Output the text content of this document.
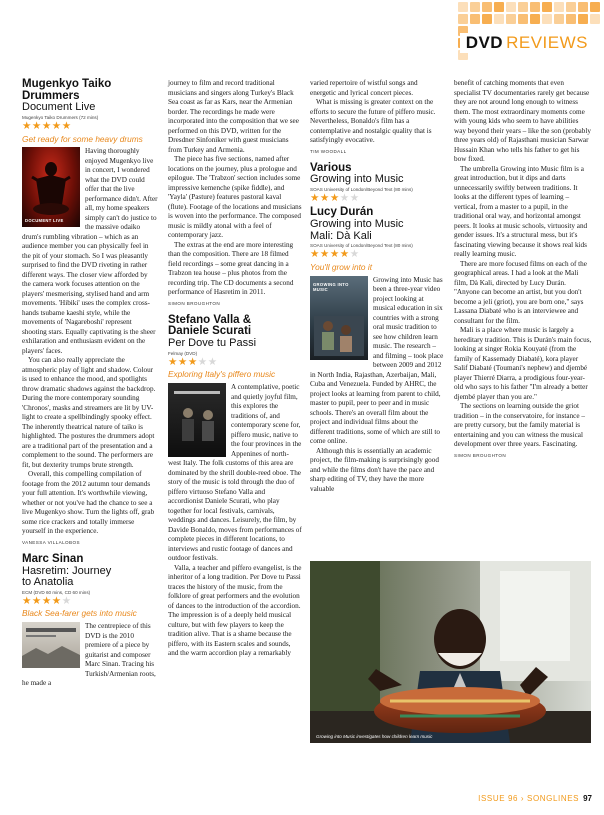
DVD REVIEWS
Mugenkyo Taiko
Drummers
Document Live
Mugenkyo Taiko Drummers (72 mins)
★★★★★
Get ready for some heavy drums
DOCUMENT LIVE

Having thoroughly enjoyed Mugenkyo live in concert, I wondered what the DVD could offer that the live performance didn't. After all, my home speakers simply can't do justice to the massive odaiko drum's rumbling vibration – which as an audience member you can physically feel in the pit of your stomach. So I was pleasantly surprised to find the DVD riveting in rather different ways. The closer view afforded by the camera work focuses attention on the players' mesmerising, stylised hand and arm movements. 'Hibiki' uses the complex cross-hands tsubame kaeshi style, while the movements of 'Nagareboshi' represent shooting stars. Equally captivating is the sheer exhilaration and enthusiasm evident on the players' faces.

You can also really appreciate the atmospheric play of light and shadow. Colour is used to enhance the mood, and spotlights throw dramatic shadows against the backdrop. During the more contemporary sounding 'Chronos', masks and streamers are lit by UV-light to create a spellbindingly spooky effect. The inherently theatrical nature of taiko is highlighted. The postures the drummers adopt are a traditional part of the presentation and a complement to the sound. The performers are fit, but dexterity trumps brute strength.

Overall, this compelling compilation of footage from the 2012 autumn tour demands your full attention. It's worthwhile viewing, whether or not you've had the chance to see a live Mugenkyo show. Turn the lights off, grab some rice crackers and totally immerse yourself in the experience.

VANESSA VILLALOBOS
Marc Sinan
Hasretim: Journey
to Anatolia
ECM (DVD 60 mins, CD 60 mins)
★★★★★
Black Sea-farer gets into music

The centrepiece of this DVD is the 2010 premiere of a piece by guitarist and composer Marc Sinan. Tracing his Turkish/Armenian roots, he made a

journey to film and record traditional musicians and singers along Turkey's Black Sea coast as far as Kars, near the Armenian border. The recordings he made were incorporated into the composition that we see performed on this DVD, written for the Dresdner Sinfoniker with guest musicians from Turkey and Armenia.

The piece has five sections, named after locations on the journey, plus a prologue and epilogue. The 'Trabzon' section includes some impressive kemenche (spike fiddle), and 'Yayla' (Pasture) features pastoral kaval (flute). Footage of the locations and musicians is woven into the performance. The composed music is mildly atonal with a feel of contemporary jazz.

The extras at the end are more interesting than the composition. There are 18 filmed field recordings – some great dancing in a Trabzon tea house – plus photos from the recording trip. The CD documents a second performance of Hasretim in 2011.

SIMON BROUGHTON
Stefano Valla &
Daniele Scurati
Per Dove tu Passi
Felmay (DVD)
★★★★★
Exploring Italy's piffero music

A contemplative, poetic and quietly joyful film, this explores the traditions of, and contemporary scene for, piffero music, native to the four provinces in the Appenines of north-west Italy. The folk customs of this area are dominated by the shrill double-reed oboe. The story of the music is told through the duo of piffero virtuoso Stefano Valla and accordionist Daniele Scurati, who play together for local festivals, carnivals, weddings and dances. Leisurely, the film, by Davide Bonaldo, moves from performances of complete pieces in different locations, to interviews and rustic footage of dances and outdoor festivals.

Valla, a teacher and piffero evangelist, is the inheritor of a long tradition. Per Dove tu Passi traces the history of the music, from the folklore of great performers and the evolution of dances to the introduction of the accordion. The impression is of a deeply held musical culture, but with few players to keep the tradition alive. That is a shame because the piffero, with its Eastern scales and sounds, and the warm accordion play a remarkably

varied repertoire of wistful songs and energetic and lyrical concert pieces.

What is missing is greater context on the efforts to secure the future of piffero music. Nevertheless, Bonaldo's film has a contemplative and nostalgic quality that is satisfyingly evocative.

TIM WOODALL
Various
Growing into Music
SOAS University of London/Beyond Text (80 mins)
★★★★★
Lucy Durán
Growing into Music
Mali: Dà Kali
SOAS University of London/Beyond Text (80 mins)
★★★★★
You'll grow into it
GROWING INTO MUSIC

Growing into Music has been a three-year video project looking at musical education in six countries with a strong oral music tradition to see how children learn music. The research – and filming – took place between 2009 and 2012 in North India, Rajasthan, Azerbaijan, Mali, Cuba and Venezuela. Funded by AHRC, the project looks at learning from parent to child, master to pupil, peer to peer and in music schools. There's an overall film about the project and individual films about the different traditions, some of which are still to come online.

Although this is essentially an academic project, the film-making is surprisingly good and while the films don't have the pace and sharp editing of TV, they have the more valuable

benefit of catching moments that even specialist TV documentaries rarely get because they are not around long enough to witness them. The most extraordinary moments come with young kids who seem to have abilities way beyond their years – like the son (probably three years old) of Rajasthani musician Sarwar Hussain Khan who tells his father to get his bow fixed.

The umbrella Growing into Music film is a great introduction, but it dips and darts unnecessarily swiftly between traditions. It looks at the different types of learning – vertical, from a master to a pupil, in the traditional oral way, and horizontal amongst peers. It looks at music schools, virtuosity and gender issues. It's a structural mess, but it's fascinating viewing because it shows real kids really learning music.

There are more focused films on each of the geographical areas. I had a look at the Mali film, Dà Kali, directed by Lucy Durán. "Anyone can become an artist, but you don't become a jeli (griot), you are born one," says Lassana Diabaté who is an interviewee and consultant for the film.

Mali is a place where music is largely a hereditary tradition. This is Durán's main focus, looking at singer Rokia Kouyaté (from the family of Kassemady Diabaté), kora player Salif Diabaté (Toumani's nephew) and djembé player Thierré Diarra, a prodigious four-year-old who says to his father "I'm already a better djembé player than you are."

The sections on learning outside the griot tradition – in the conservatoire, for instance – are pretty cursory, but the family material is entertaining and you can witness the musical development over three years. Fascinating.

SIMON BROUGHTON
Growing into Music investigates how children learn music
ISSUE 96 › SONGLINES 97
